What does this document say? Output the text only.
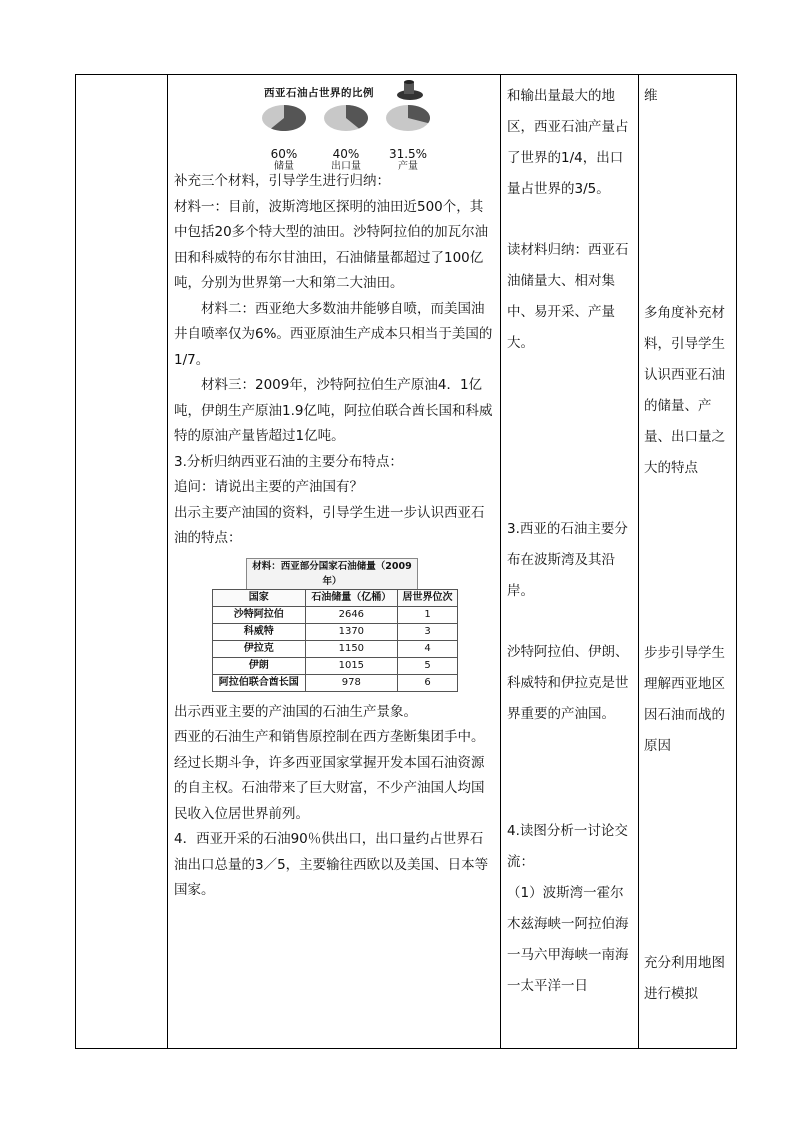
西亚石油占世界的比例
60%
储量
40%
出口量
31.5%
产量

补充三个材料，引导学生进行归纳：

材料一：目前，波斯湾地区探明的油田近500个，其中包括20多个特大型的油田。沙特阿拉伯的加瓦尔油田和科威特的布尔甘油田，石油储量都超过了100亿吨，分别为世界第一大和第二大油田。

材料二：西亚绝大多数油井能够自喷，而美国油井自喷率仅为6%。西亚原油生产成本只相当于美国的1/7。

材料三：2009年，沙特阿拉伯生产原油4．1亿吨，伊朗生产原油1.9亿吨，阿拉伯联合酋长国和科威特的原油产量皆超过1亿吨。

3.分析归纳西亚石油的主要分布特点：

追问：请说出主要的产油国有？

出示主要产油国的资料，引导学生进一步认识西亚石油的特点：

材料：西亚部分国家石油储量（2009年）
国家	石油储量（亿桶）	居世界位次
沙特阿拉伯	2646	1
科威特	1370	3
伊拉克	1150	4
伊朗	1015	5
阿拉伯联合酋长国	978	6

出示西亚主要的产油国的石油生产景象。

西亚的石油生产和销售原控制在西方垄断集团手中。经过长期斗争，许多西亚国家掌握开发本国石油资源的自主权。石油带来了巨大财富，不少产油国人均国民收入位居世界前列。

4．西亚开采的石油90％供出口，出口量约占世界石油出口总量的3／5，主要输往西欧以及美国、日本等国家。

和输出量最大的地区，西亚石油产量占了世界的1/4，出口量占世界的3/5。

读材料归纳：西亚石油储量大、相对集中、易开采、产量大。

3.西亚的石油主要分布在波斯湾及其沿岸。

沙特阿拉伯、伊朗、科威特和伊拉克是世界重要的产油国。

4.读图分析一讨论交流：

（1）波斯湾一霍尔木兹海峡一阿拉伯海一马六甲海峡一南海一太平洋一日

维

多角度补充材料，引导学生认识西亚石油的储量、产量、出口量之大的特点

步步引导学生理解西亚地区因石油而战的原因

充分利用地图进行模拟
